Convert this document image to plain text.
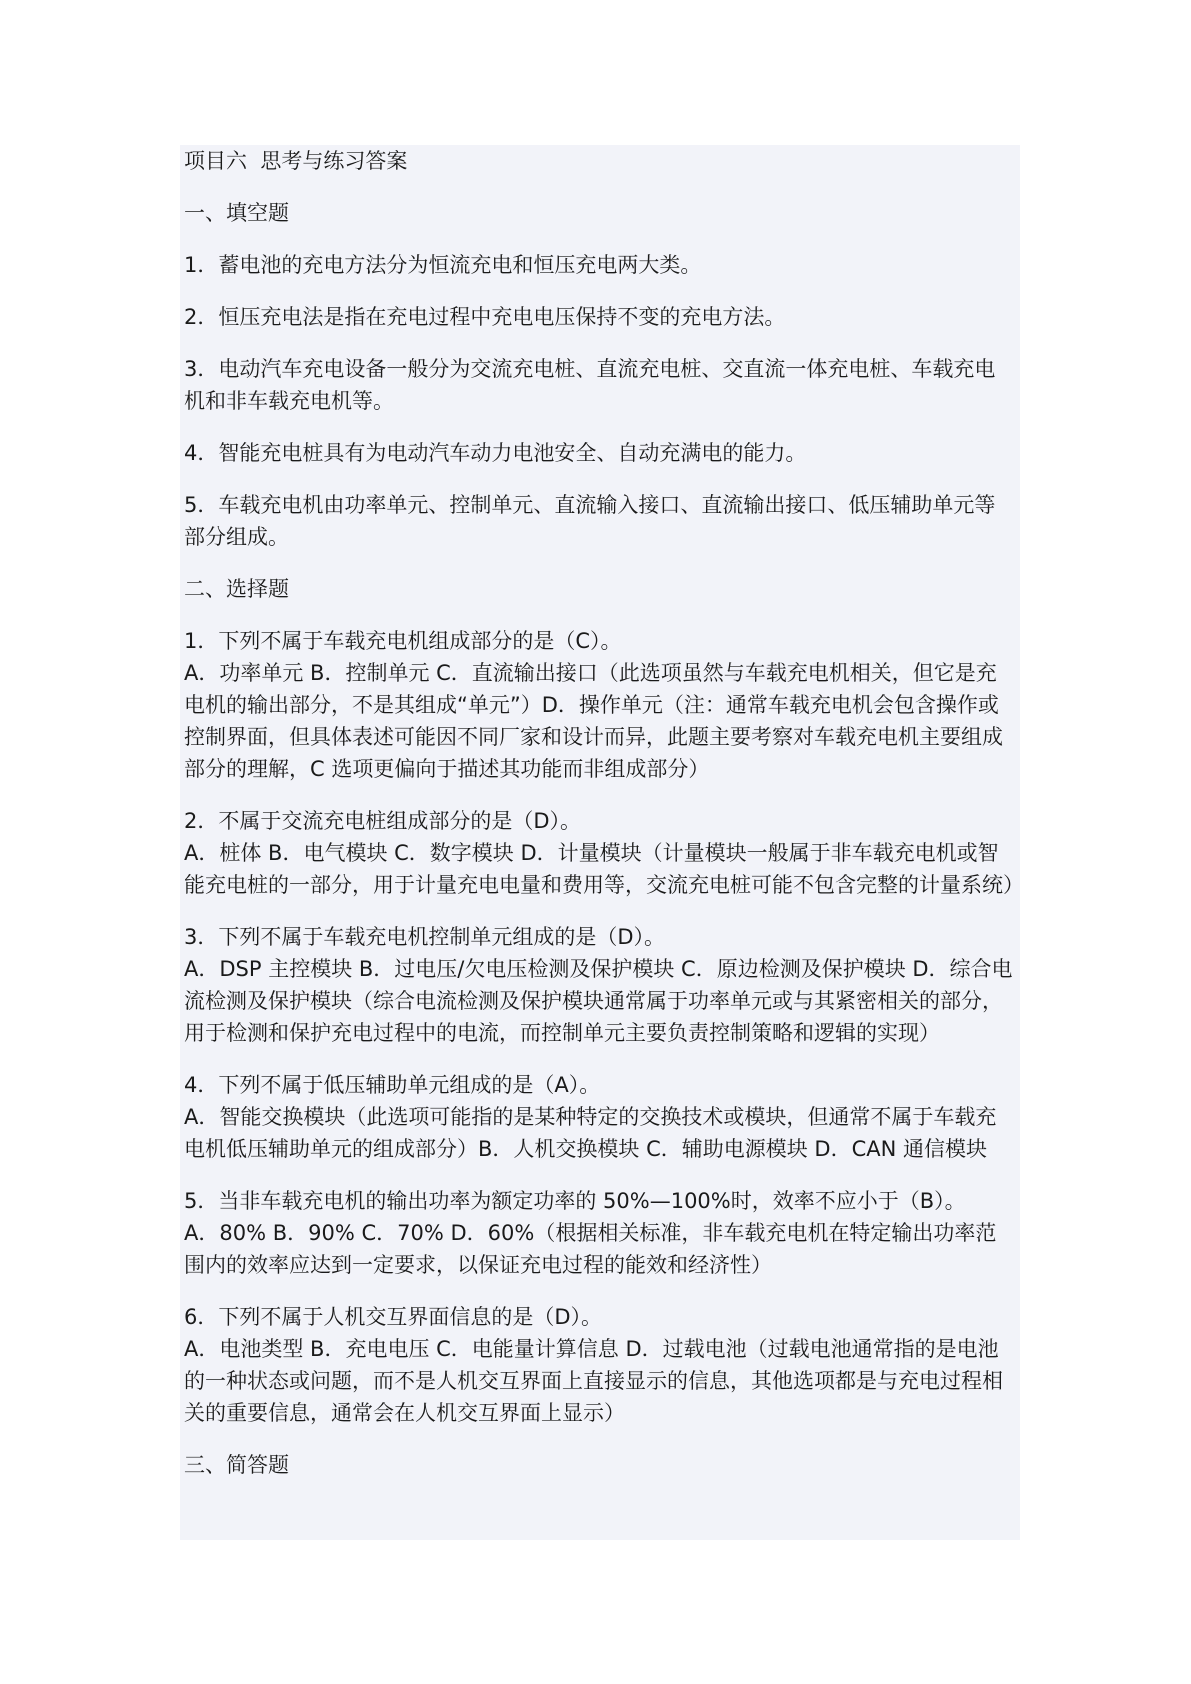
项目六  思考与练习答案

一、填空题

1．蓄电池的充电方法分为恒流充电和恒压充电两大类。

2．恒压充电法是指在充电过程中充电电压保持不变的充电方法。

3．电动汽车充电设备一般分为交流充电桩、直流充电桩、交直流一体充电桩、车载充电机和非车载充电机等。

4．智能充电桩具有为电动汽车动力电池安全、自动充满电的能力。

5．车载充电机由功率单元、控制单元、直流输入接口、直流输出接口、低压辅助单元等部分组成。

二、选择题

1．下列不属于车载充电机组成部分的是（C）。

A．功率单元 B．控制单元 C．直流输出接口（此选项虽然与车载充电机相关，但它是充电机的输出部分，不是其组成“单元”）D．操作单元（注：通常车载充电机会包含操作或控制界面，但具体表述可能因不同厂家和设计而异，此题主要考察对车载充电机主要组成部分的理解，C 选项更偏向于描述其功能而非组成部分）

2．不属于交流充电桩组成部分的是（D）。

A．桩体 B．电气模块 C．数字模块 D．计量模块（计量模块一般属于非车载充电机或智能充电桩的一部分，用于计量充电电量和费用等，交流充电桩可能不包含完整的计量系统）

3．下列不属于车载充电机控制单元组成的是（D）。

A．DSP 主控模块 B．过电压/欠电压检测及保护模块 C．原边检测及保护模块 D．综合电流检测及保护模块（综合电流检测及保护模块通常属于功率单元或与其紧密相关的部分，用于检测和保护充电过程中的电流，而控制单元主要负责控制策略和逻辑的实现）

4．下列不属于低压辅助单元组成的是（A）。

A．智能交换模块（此选项可能指的是某种特定的交换技术或模块，但通常不属于车载充电机低压辅助单元的组成部分）B．人机交换模块 C．辅助电源模块 D．CAN 通信模块

5．当非车载充电机的输出功率为额定功率的 50%—100%时，效率不应小于（B）。

A．80% B．90% C．70% D．60%（根据相关标准，非车载充电机在特定输出功率范围内的效率应达到一定要求，以保证充电过程的能效和经济性）

6．下列不属于人机交互界面信息的是（D）。

A．电池类型 B．充电电压 C．电能量计算信息 D．过载电池（过载电池通常指的是电池的一种状态或问题，而不是人机交互界面上直接显示的信息，其他选项都是与充电过程相关的重要信息，通常会在人机交互界面上显示）

三、简答题
